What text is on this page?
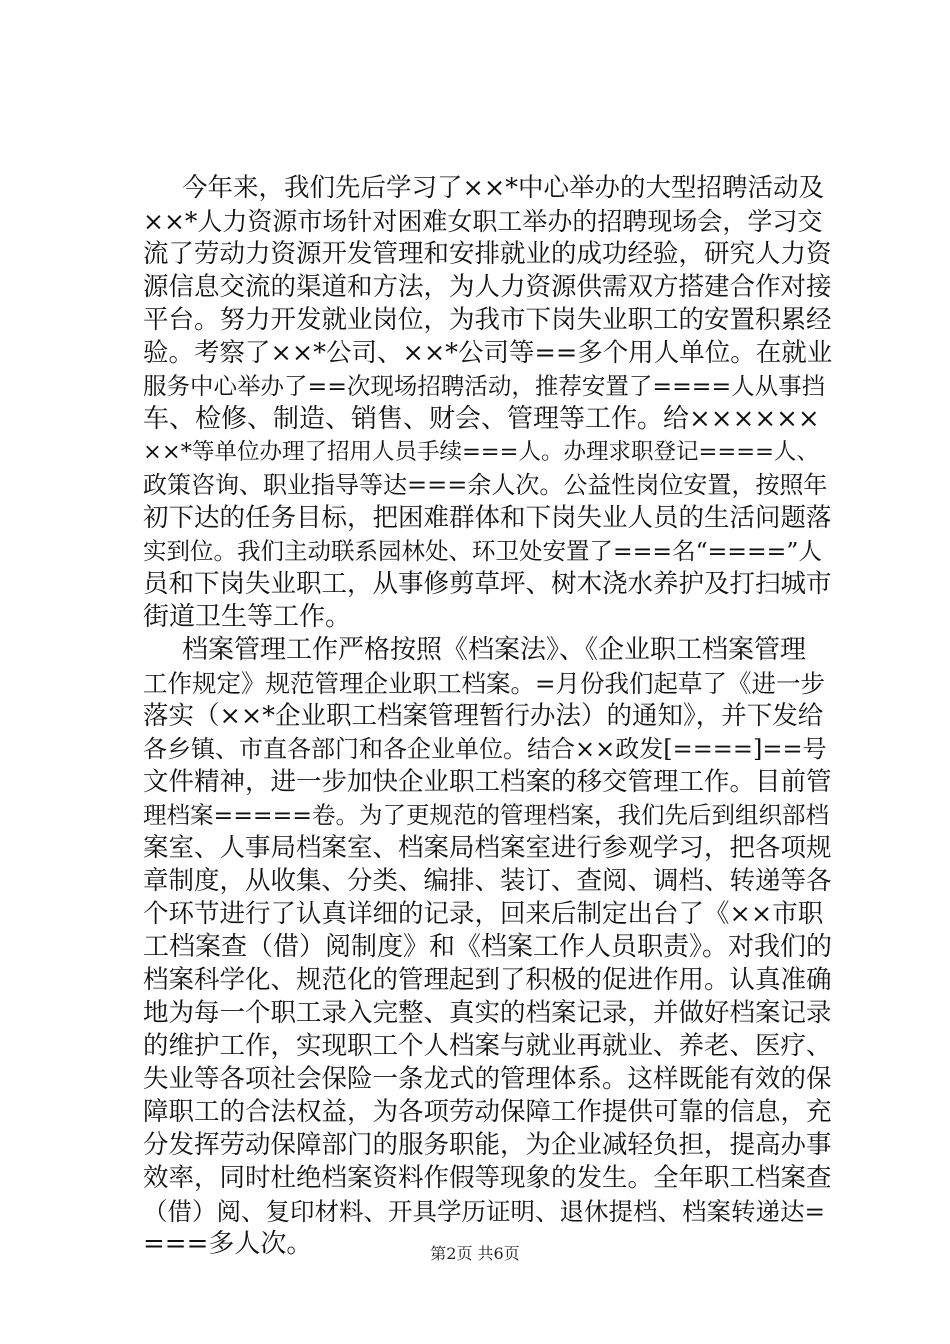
今年来，我们先后学习了××*中心举办的大型招聘活动及
××*人力资源市场针对困难女职工举办的招聘现场会，学习交
流了劳动力资源开发管理和安排就业的成功经验，研究人力资
源信息交流的渠道和方法，为人力资源供需双方搭建合作对接
平台。努力开发就业岗位，为我市下岗失业职工的安置积累经
验。考察了××*公司、××*公司等==多个用人单位。在就业
服务中心举办了==次现场招聘活动，推荐安置了====人从事挡
车、检修、制造、销售、财会、管理等工作。给××××××
××*等单位办理了招用人员手续===人。办理求职登记====人、
政策咨询、职业指导等达===余人次。公益性岗位安置，按照年
初下达的任务目标，把困难群体和下岗失业人员的生活问题落
实到位。我们主动联系园林处、环卫处安置了===名“====”人
员和下岗失业职工，从事修剪草坪、树木浇水养护及打扫城市
街道卫生等工作。
档案管理工作严格按照《档案法》、《企业职工档案管理
工作规定》规范管理企业职工档案。=月份我们起草了《进一步
落实（××*企业职工档案管理暂行办法）的通知》，并下发给
各乡镇、市直各部门和各企业单位。结合××政发[====]==号
文件精神，进一步加快企业职工档案的移交管理工作。目前管
理档案=====卷。为了更规范的管理档案，我们先后到组织部档
案室、人事局档案室、档案局档案室进行参观学习，把各项规
章制度，从收集、分类、编排、装订、查阅、调档、转递等各
个环节进行了认真详细的记录，回来后制定出台了《××市职
工档案查（借）阅制度》和《档案工作人员职责》。对我们的
档案科学化、规范化的管理起到了积极的促进作用。认真准确
地为每一个职工录入完整、真实的档案记录，并做好档案记录
的维护工作，实现职工个人档案与就业再就业、养老、医疗、
失业等各项社会保险一条龙式的管理体系。这样既能有效的保
障职工的合法权益，为各项劳动保障工作提供可靠的信息，充
分发挥劳动保障部门的服务职能，为企业减轻负担，提高办事
效率，同时杜绝档案资料作假等现象的发生。全年职工档案查
（借）阅、复印材料、开具学历证明、退休提档、档案转递达=
===多人次。	第2页 共6页
